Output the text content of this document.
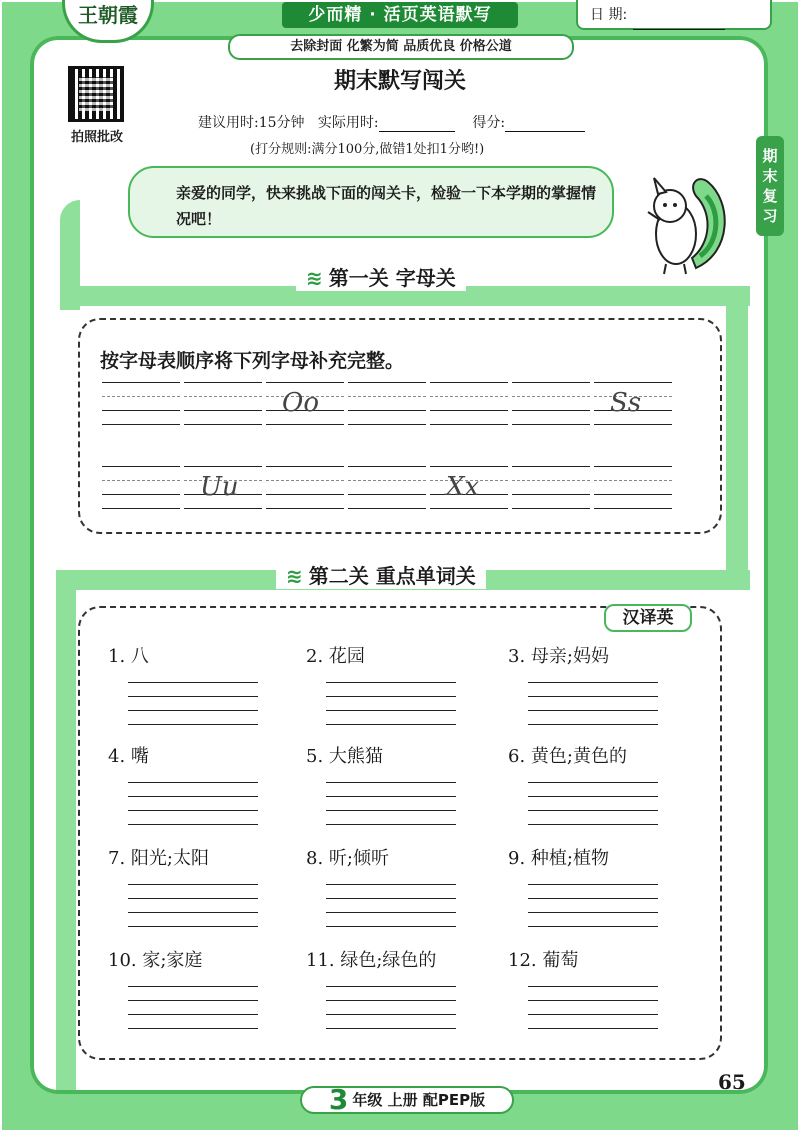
王朝霞	少而精 · 活页英语默写
去除封面 化繁为简 品质优良 价格公道
日 期:
拍照批改
期末默写闯关
建议用时:15分钟 实际用时:	得分:
(打分规则:满分100分,做错1处扣1分哟!)	期末复习
亲爱的同学，快来挑战下面的闯关卡，检验一下本学期的掌握情况吧！
≋ 第一关 字母关
按字母表顺序将下列字母补充完整。
Oo	Ss
Uu	Xx
≋ 第二关 重点单词关
汉译英
1. 八	2. 花园	3. 母亲;妈妈
4. 嘴	5. 大熊猫	6. 黄色;黄色的
7. 阳光;太阳	8. 听;倾听	9. 种植;植物
10. 家;家庭	11. 绿色;绿色的	12. 葡萄
3 年级 上册 配PEP版
65
